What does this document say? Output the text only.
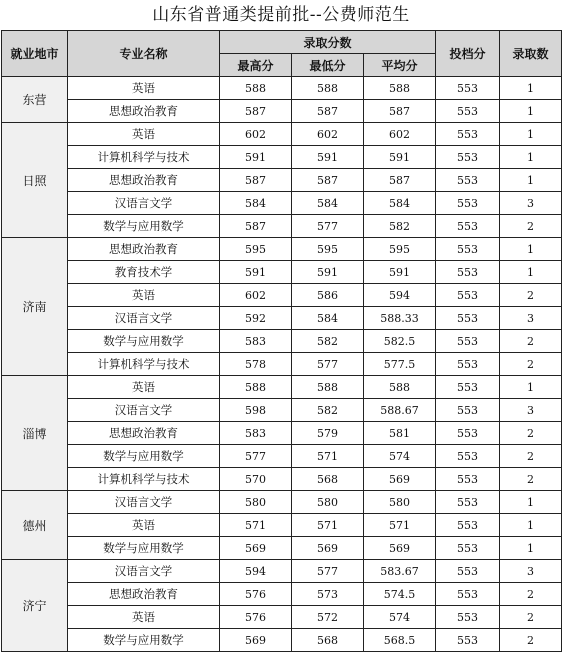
山东省普通类提前批--公费师范生
就业地市	专业名称	录取分数			投档分	录取数
		最高分	最低分	平均分		
东营	英语	588	588	588	553	1
	思想政治教育	587	587	587	553	1
日照	英语	602	602	602	553	1
	计算机科学与技术	591	591	591	553	1
	思想政治教育	587	587	587	553	1
	汉语言文学	584	584	584	553	3
	数学与应用数学	587	577	582	553	2
济南	思想政治教育	595	595	595	553	1
	教育技术学	591	591	591	553	1
	英语	602	586	594	553	2
	汉语言文学	592	584	588.33	553	3
	数学与应用数学	583	582	582.5	553	2
	计算机科学与技术	578	577	577.5	553	2
淄博	英语	588	588	588	553	1
	汉语言文学	598	582	588.67	553	3
	思想政治教育	583	579	581	553	2
	数学与应用数学	577	571	574	553	2
	计算机科学与技术	570	568	569	553	2
德州	汉语言文学	580	580	580	553	1
	英语	571	571	571	553	1
	数学与应用数学	569	569	569	553	1
济宁	汉语言文学	594	577	583.67	553	3
	思想政治教育	576	573	574.5	553	2
	英语	576	572	574	553	2
	数学与应用数学	569	568	568.5	553	2
